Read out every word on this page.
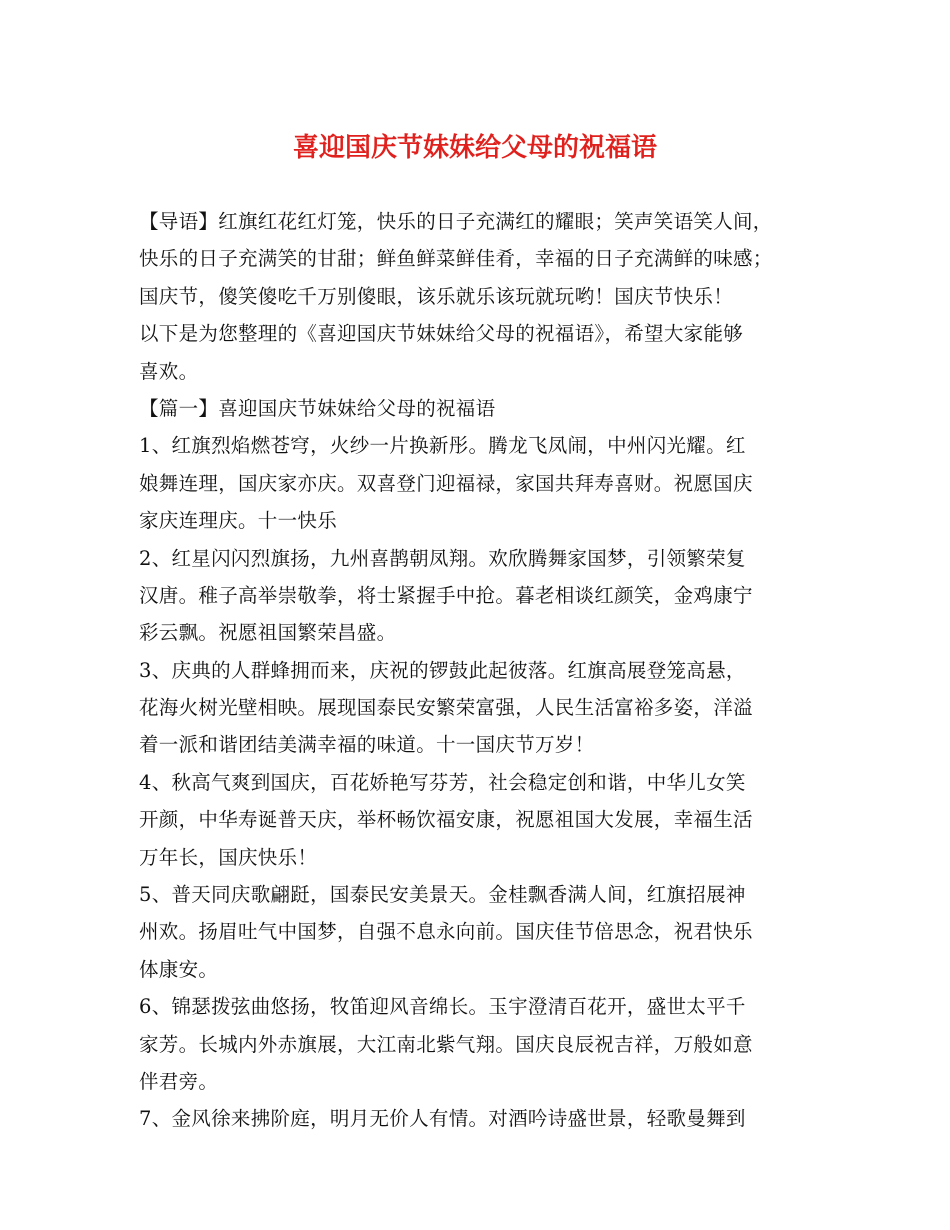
喜迎国庆节妹妹给父母的祝福语
【导语】红旗红花红灯笼，快乐的日子充满红的耀眼；笑声笑语笑人间，
快乐的日子充满笑的甘甜；鲜鱼鲜菜鲜佳肴，幸福的日子充满鲜的味感；
国庆节，傻笑傻吃千万别傻眼，该乐就乐该玩就玩哟！国庆节快乐！
以下是为您整理的《喜迎国庆节妹妹给父母的祝福语》，希望大家能够
喜欢。
【篇一】喜迎国庆节妹妹给父母的祝福语
1、红旗烈焰燃苍穹，火纱一片换新彤。腾龙飞凤闹，中州闪光耀。红
娘舞连理，国庆家亦庆。双喜登门迎福禄，家国共拜寿喜财。祝愿国庆
家庆连理庆。十一快乐
2、红星闪闪烈旗扬，九州喜鹊朝凤翔。欢欣腾舞家国梦，引领繁荣复
汉唐。稚子高举崇敬拳，将士紧握手中抢。暮老相谈红颜笑，金鸡康宁
彩云飘。祝愿祖国繁荣昌盛。
3、庆典的人群蜂拥而来，庆祝的锣鼓此起彼落。红旗高展登笼高悬，
花海火树光壁相映。展现国泰民安繁荣富强，人民生活富裕多姿，洋溢
着一派和谐团结美满幸福的味道。十一国庆节万岁！
4、秋高气爽到国庆，百花娇艳写芬芳，社会稳定创和谐，中华儿女笑
开颜，中华寿诞普天庆，举杯畅饮福安康，祝愿祖国大发展，幸福生活
万年长，国庆快乐！
5、普天同庆歌翩跹，国泰民安美景天。金桂飘香满人间，红旗招展神
州欢。扬眉吐气中国梦，自强不息永向前。国庆佳节倍思念，祝君快乐
体康安。
6、锦瑟拨弦曲悠扬，牧笛迎风音绵长。玉宇澄清百花开，盛世太平千
家芳。长城内外赤旗展，大江南北紫气翔。国庆良辰祝吉祥，万般如意
伴君旁。
7、金风徐来拂阶庭，明月无价人有情。对酒吟诗盛世景，轻歌曼舞到
